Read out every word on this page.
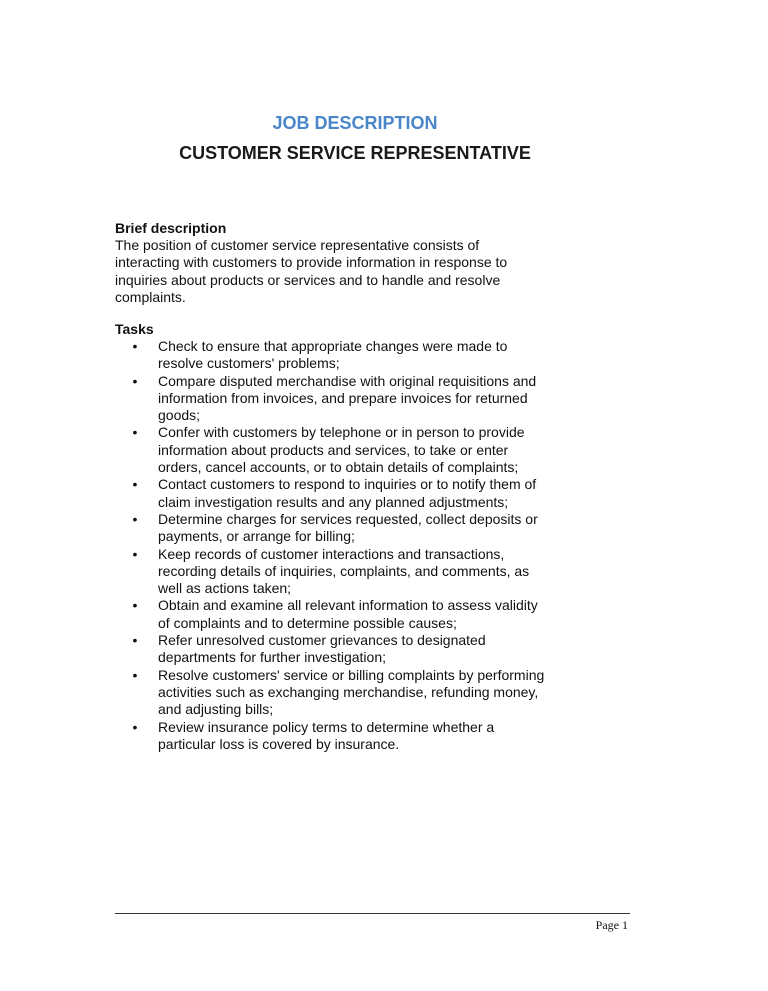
JOB DESCRIPTION
CUSTOMER SERVICE REPRESENTATIVE

Brief description

The position of customer service representative consists of interacting with customers to provide information in response to inquiries about products or services and to handle and resolve complaints.

Tasks

• Check to ensure that appropriate changes were made to resolve customers' problems;
• Compare disputed merchandise with original requisitions and information from invoices, and prepare invoices for returned goods;
• Confer with customers by telephone or in person to provide information about products and services, to take or enter orders, cancel accounts, or to obtain details of complaints;
• Contact customers to respond to inquiries or to notify them of claim investigation results and any planned adjustments;
• Determine charges for services requested, collect deposits or payments, or arrange for billing;
• Keep records of customer interactions and transactions, recording details of inquiries, complaints, and comments, as well as actions taken;
• Obtain and examine all relevant information to assess validity of complaints and to determine possible causes;
• Refer unresolved customer grievances to designated departments for further investigation;
• Resolve customers' service or billing complaints by performing activities such as exchanging merchandise, refunding money, and adjusting bills;
• Review insurance policy terms to determine whether a particular loss is covered by insurance.
Page 1
